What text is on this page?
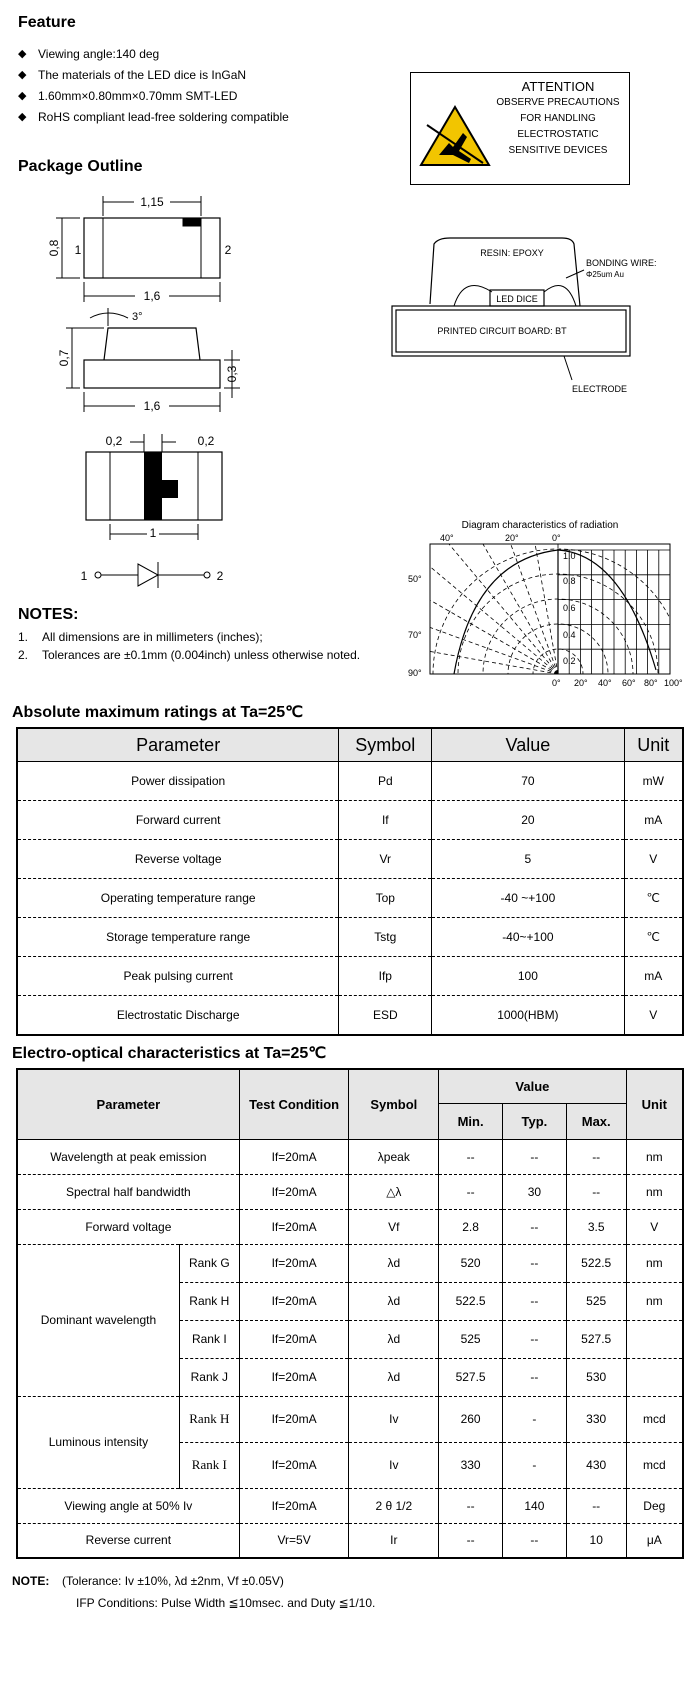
Feature
◆ Viewing angle:140 deg
◆ The materials of the LED dice is InGaN
◆ 1.60mm×0.80mm×0.70mm SMT-LED
◆ RoHS compliant lead-free soldering compatible
ATTENTION
OBSERVE PRECAUTIONS
FOR HANDLING
ELECTROSTATIC
SENSITIVE DEVICES
Package Outline
1,15
1,6
0,8 1	2
3°
0,7
0,3
1,6
0,2	0,2
1
1	2
RESIN: EPOXY
BONDING WIRE:
Φ25um Au
LED DICE
PRINTED CIRCUIT BOARD: BT
ELECTRODE
Diagram characteristics of radiation
40°	20°	0°
50°
70°
90°
1.0
0.8
0.6
0.4
0.2
0° 20° 40° 60° 80° 100°
NOTES:
1.	All dimensions are in millimeters (inches);
2.	Tolerances are ±0.1mm (0.004inch) unless otherwise noted.
Absolute maximum ratings at Ta=25℃
Parameter	Symbol	Value	Unit
Power dissipation	Pd	70	mW
Forward current	If	20	mA
Reverse voltage	Vr	5	V
Operating temperature range	Top	-40 ~+100	℃
Storage temperature range	Tstg	-40~+100	℃
Peak pulsing current	Ifp	100	mA
Electrostatic Discharge	ESD	1000(HBM)	V
Electro-optical characteristics at Ta=25℃
Parameter		Test Condition	Symbol	Value			Unit
				Min.	Typ.	Max.	
Wavelength at peak emission		If=20mA	λpeak	--	--	--	nm
Spectral half bandwidth		If=20mA	△λ	--	30	--	nm
Forward voltage		If=20mA	Vf	2.8	--	3.5	V
Dominant wavelength	Rank G	If=20mA	λd	520	--	522.5	nm
	Rank H	If=20mA	λd	522.5	--	525	nm
	Rank I	If=20mA	λd	525	--	527.5	
	Rank J	If=20mA	λd	527.5	--	530	
Luminous intensity	Rank H	If=20mA	Iv	260	-	330	mcd
	Rank I	If=20mA	Iv	330	-	430	mcd
Viewing angle at 50% Iv		If=20mA	2 θ 1/2	--	140	--	Deg
Reverse current		Vr=5V	Ir	--	--	10	μA
NOTE: (Tolerance: Iv ±10%, λd ±2nm, Vf ±0.05V)
IFP Conditions: Pulse Width ≦10msec. and Duty ≦1/10.
